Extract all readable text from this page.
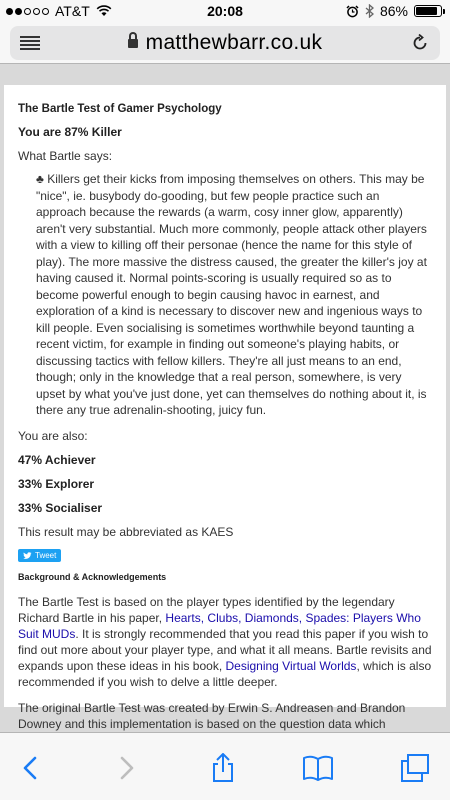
AT&T	20:08	86%
matthewbarr.co.uk
The Bartle Test of Gamer Psychology
You are 87% Killer
What Bartle says:
♣ Killers get their kicks from imposing themselves on others. This may be "nice", ie. busybody do-gooding, but few people practice such an approach because the rewards (a warm, cosy inner glow, apparently) aren't very substantial. Much more commonly, people attack other players with a view to killing off their personae (hence the name for this style of play). The more massive the distress caused, the greater the killer's joy at having caused it. Normal points-scoring is usually required so as to become powerful enough to begin causing havoc in earnest, and exploration of a kind is necessary to discover new and ingenious ways to kill people. Even socialising is sometimes worthwhile beyond taunting a recent victim, for example in finding out someone's playing habits, or discussing tactics with fellow killers. They're all just means to an end, though; only in the knowledge that a real person, somewhere, is very upset by what you've just done, yet can themselves do nothing about it, is there any true adrenalin-shooting, juicy fun.
You are also:
47% Achiever
33% Explorer
33% Socialiser
This result may be abbreviated as KAES
Tweet
Background & Acknowledgements

The Bartle Test is based on the player types identified by the legendary Richard Bartle in his paper, Hearts, Clubs, Diamonds, Spades: Players Who Suit MUDs. It is strongly recommended that you read this paper if you wish to find out more about your player type, and what it all means. Bartle revisits and expands upon these ideas in his book, Designing Virtual Worlds, which is also recommended if you wish to delve a little deeper.

The original Bartle Test was created by Erwin S. Andreasen and Brandon Downey and this implementation is based on the question data which
